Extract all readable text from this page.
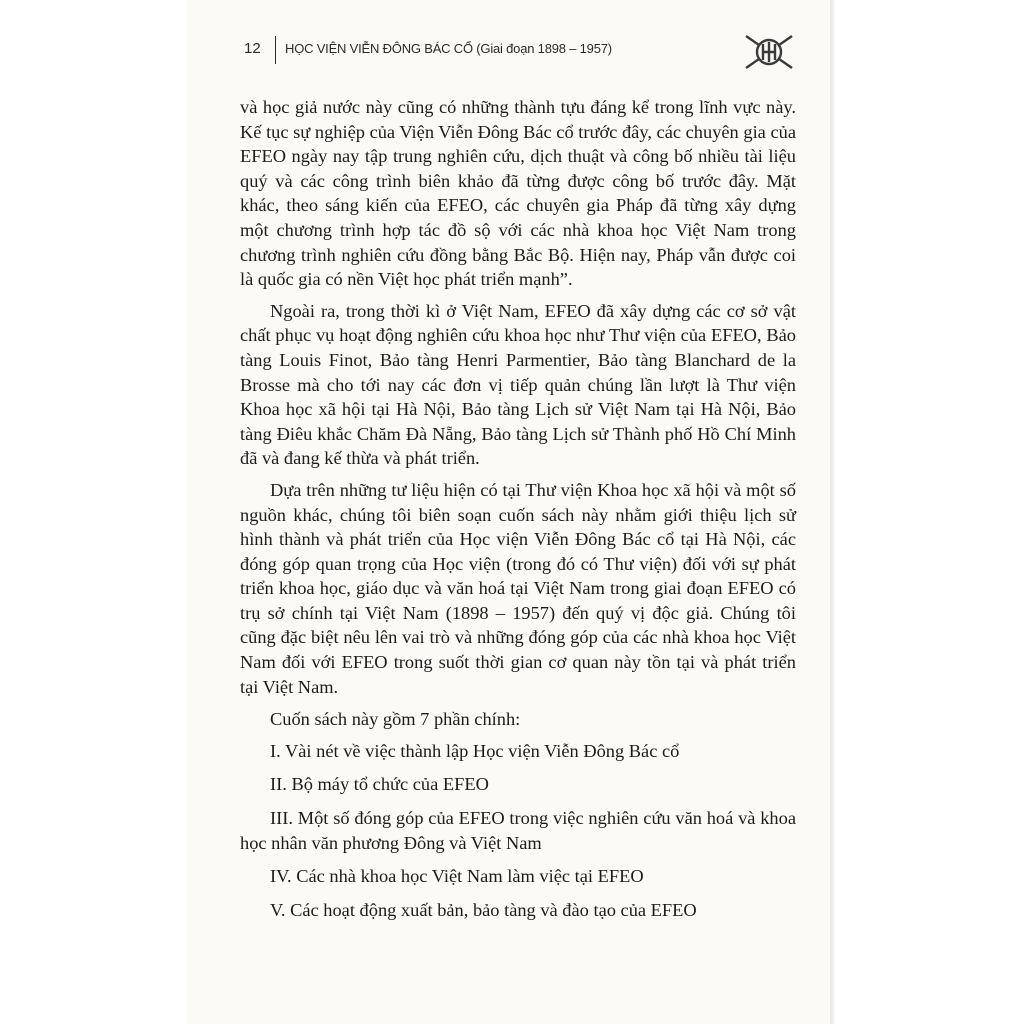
12 HỌC VIỆN VIỄN ĐÔNG BÁC CỔ (Giai đoạn 1898 – 1957)

và học giả nước này cũng có những thành tựu đáng kể trong lĩnh vực này. Kế tục sự nghiệp của Viện Viễn Đông Bác cổ trước đây, các chuyên gia của EFEO ngày nay tập trung nghiên cứu, dịch thuật và công bố nhiều tài liệu quý và các công trình biên khảo đã từng được công bố trước đây. Mặt khác, theo sáng kiến của EFEO, các chuyên gia Pháp đã từng xây dựng một chương trình hợp tác đồ sộ với các nhà khoa học Việt Nam trong chương trình nghiên cứu đồng bằng Bắc Bộ. Hiện nay, Pháp vẫn được coi là quốc gia có nền Việt học phát triển mạnh”.

Ngoài ra, trong thời kì ở Việt Nam, EFEO đã xây dựng các cơ sở vật chất phục vụ hoạt động nghiên cứu khoa học như Thư viện của EFEO, Bảo tàng Louis Finot, Bảo tàng Henri Parmentier, Bảo tàng Blanchard de la Brosse mà cho tới nay các đơn vị tiếp quản chúng lần lượt là Thư viện Khoa học xã hội tại Hà Nội, Bảo tàng Lịch sử Việt Nam tại Hà Nội, Bảo tàng Điêu khắc Chăm Đà Nẵng, Bảo tàng Lịch sử Thành phố Hồ Chí Minh đã và đang kế thừa và phát triển.

Dựa trên những tư liệu hiện có tại Thư viện Khoa học xã hội và một số nguồn khác, chúng tôi biên soạn cuốn sách này nhằm giới thiệu lịch sử hình thành và phát triển của Học viện Viễn Đông Bác cổ tại Hà Nội, các đóng góp quan trọng của Học viện (trong đó có Thư viện) đối với sự phát triển khoa học, giáo dục và văn hoá tại Việt Nam trong giai đoạn EFEO có trụ sở chính tại Việt Nam (1898 – 1957) đến quý vị độc giả. Chúng tôi cũng đặc biệt nêu lên vai trò và những đóng góp của các nhà khoa học Việt Nam đối với EFEO trong suốt thời gian cơ quan này tồn tại và phát triển tại Việt Nam.

Cuốn sách này gồm 7 phần chính:

I. Vài nét về việc thành lập Học viện Viễn Đông Bác cổ
II. Bộ máy tổ chức của EFEO
III. Một số đóng góp của EFEO trong việc nghiên cứu văn hoá và khoa học nhân văn phương Đông và Việt Nam
IV. Các nhà khoa học Việt Nam làm việc tại EFEO
V. Các hoạt động xuất bản, bảo tàng và đào tạo của EFEO
